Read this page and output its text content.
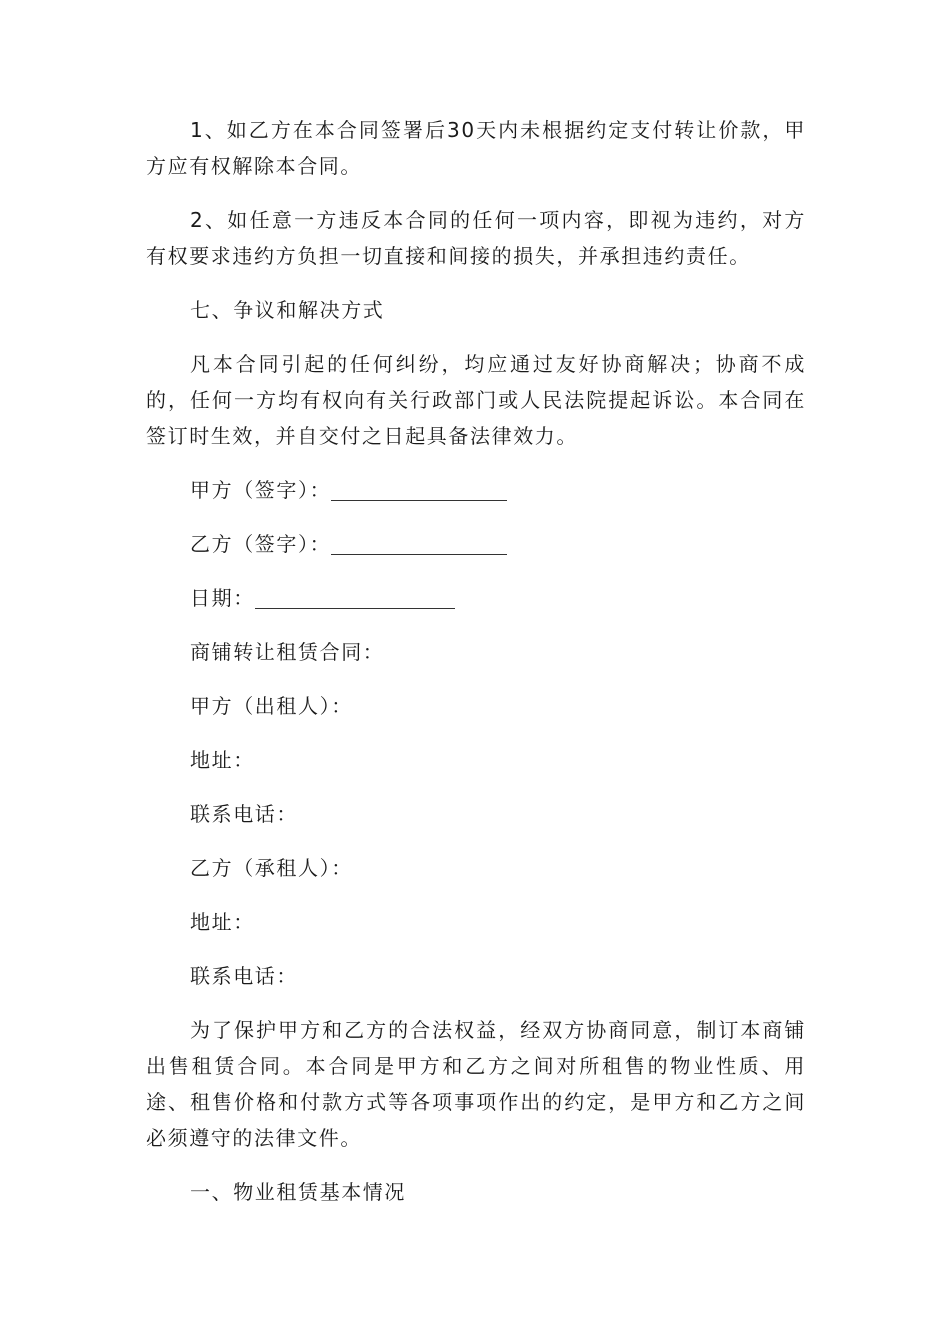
1、如乙方在本合同签署后30天内未根据约定支付转让价款，甲方应有权解除本合同。

2、如任意一方违反本合同的任何一项内容，即视为违约，对方有权要求违约方负担一切直接和间接的损失，并承担违约责任。

七、争议和解决方式

凡本合同引起的任何纠纷，均应通过友好协商解决；协商不成的，任何一方均有权向有关行政部门或人民法院提起诉讼。本合同在签订时生效，并自交付之日起具备法律效力。

甲方（签字）：

乙方（签字）：

日期：

商铺转让租赁合同：

甲方（出租人）：

地址：

联系电话：

乙方（承租人）：

地址：

联系电话：

为了保护甲方和乙方的合法权益，经双方协商同意，制订本商铺出售租赁合同。本合同是甲方和乙方之间对所租售的物业性质、用途、租售价格和付款方式等各项事项作出的约定，是甲方和乙方之间必须遵守的法律文件。

一、物业租赁基本情况
